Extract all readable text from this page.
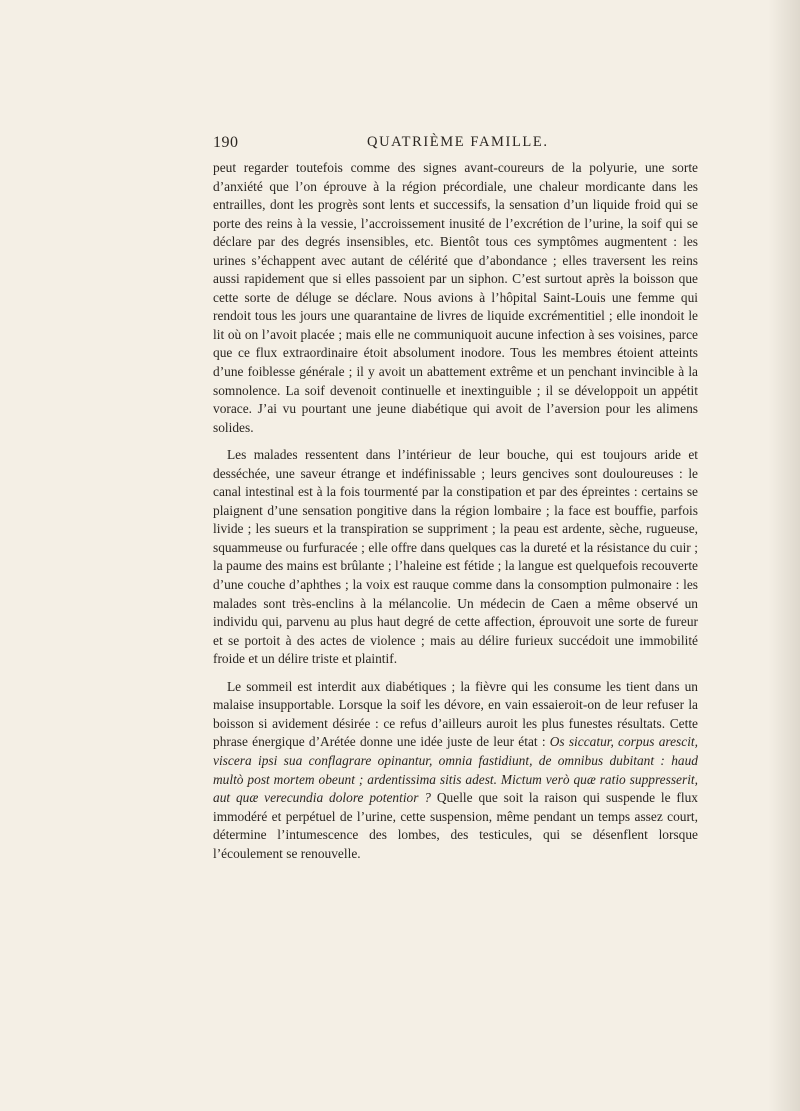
190	QUATRIÈME FAMILLE.

peut regarder toutefois comme des signes avant-coureurs de la polyurie, une sorte d’anxiété que l’on éprouve à la région précordiale, une chaleur mordicante dans les entrailles, dont les progrès sont lents et successifs, la sensation d’un liquide froid qui se porte des reins à la vessie, l’accroissement inusité de l’excrétion de l’urine, la soif qui se déclare par des degrés insensibles, etc. Bientôt tous ces symptômes augmentent : les urines s’échappent avec autant de célérité que d’abondance ; elles traversent les reins aussi rapidement que si elles passoient par un siphon. C’est surtout après la boisson que cette sorte de déluge se déclare. Nous avions à l’hôpital Saint-Louis une femme qui rendoit tous les jours une quarantaine de livres de liquide excrémentitiel ; elle inondoit le lit où on l’avoit placée ; mais elle ne communiquoit aucune infection à ses voisines, parce que ce flux extraordinaire étoit absolument inodore. Tous les membres étoient atteints d’une foiblesse générale ; il y avoit un abattement extrême et un penchant invincible à la somnolence. La soif devenoit continuelle et inextinguible ; il se développoit un appétit vorace. J’ai vu pourtant une jeune diabétique qui avoit de l’aversion pour les alimens solides.

Les malades ressentent dans l’intérieur de leur bouche, qui est toujours aride et desséchée, une saveur étrange et indéfinissable ; leurs gencives sont douloureuses : le canal intestinal est à la fois tourmenté par la constipation et par des épreintes : certains se plaignent d’une sensation pongitive dans la région lombaire ; la face est bouffie, parfois livide ; les sueurs et la transpiration se suppriment ; la peau est ardente, sèche, rugueuse, squammeuse ou furfuracée ; elle offre dans quelques cas la dureté et la résistance du cuir ; la paume des mains est brûlante ; l’haleine est fétide ; la langue est quelquefois recouverte d’une couche d’aphthes ; la voix est rauque comme dans la consomption pulmonaire : les malades sont très-enclins à la mélancolie. Un médecin de Caen a même observé un individu qui, parvenu au plus haut degré de cette affection, éprouvoit une sorte de fureur et se portoit à des actes de violence ; mais au délire furieux succédoit une immobilité froide et un délire triste et plaintif.

Le sommeil est interdit aux diabétiques ; la fièvre qui les consume les tient dans un malaise insupportable. Lorsque la soif les dévore, en vain essaieroit-on de leur refuser la boisson si avidement désirée : ce refus d’ailleurs auroit les plus funestes résultats. Cette phrase énergique d’Arétée donne une idée juste de leur état : Os siccatur, corpus arescit, viscera ipsi sua conflagrare opinantur, omnia fastidiunt, de omnibus dubitant : haud multò post mortem obeunt ; ardentissima sitis adest. Mictum verò quæ ratio suppresserit, aut quæ verecundia dolore potentior ? Quelle que soit la raison qui suspende le flux immodéré et perpétuel de l’urine, cette suspension, même pendant un temps assez court, détermine l’intumescence des lombes, des testicules, qui se désenflent lorsque l’écoulement se renouvelle.
